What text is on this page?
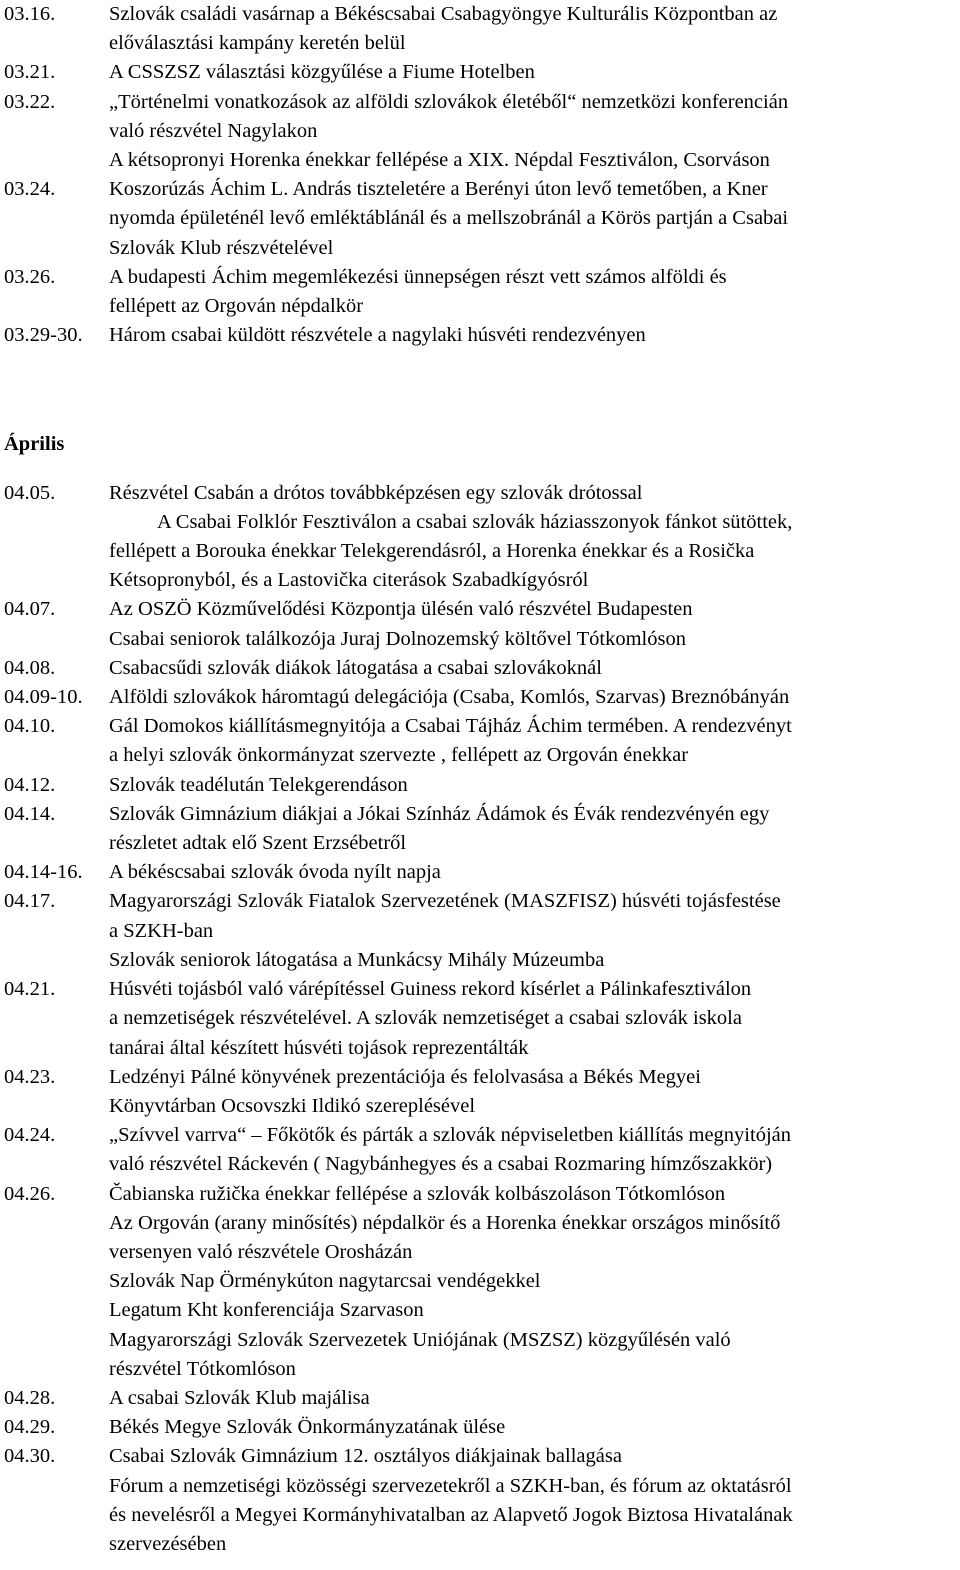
03.16.	Szlovák családi vasárnap a Békéscsabai Csabagyöngye Kulturális Központban az
előválasztási kampány keretén belül
03.21.	A CSSZSZ választási közgyűlése a Fiume Hotelben
03.22.	„Történelmi vonatkozások az alföldi szlovákok életéből“ nemzetközi konferencián
való részvétel Nagylakon
A kétsopronyi Horenka énekkar fellépése a XIX. Népdal Fesztiválon, Csorváson
03.24.	Koszorúzás Áchim L. András tiszteletére a Berényi úton levő temetőben, a Kner
nyomda épületénél levő emléktáblánál és a mellszobránál a Körös partján a Csabai
Szlovák Klub részvételével
03.26.	A budapesti Áchim megemlékezési ünnepségen részt vett számos alföldi és
fellépett az Orgován népdalkör
03.29-30.	Három csabai küldött részvétele a nagylaki húsvéti rendezvényen
Április
04.05.	Részvétel Csabán a drótos továbbképzésen egy szlovák drótossal
A Csabai Folklór Fesztiválon a csabai szlovák háziasszonyok fánkot sütöttek,
fellépett a Borouka énekkar Telekgerendásról, a Horenka énekkar és a Rosička
Kétsopronyból, és a Lastovička citerások Szabadkígyósról
04.07.	Az OSZÖ Közművelődési Központja ülésén való részvétel Budapesten
Csabai seniorok találkozója Juraj Dolnozemský költővel Tótkomlóson
04.08.	Csabacsűdi szlovák diákok látogatása a csabai szlovákoknál
04.09-10.	Alföldi szlovákok háromtagú delegációja (Csaba, Komlós, Szarvas) Breznóbányán
04.10.	Gál Domokos kiállításmegnyitója a Csabai Tájház Áchim termében. A rendezvényt
a helyi szlovák önkormányzat szervezte , fellépett az Orgován énekkar
04.12.	Szlovák teadélután Telekgerendáson
04.14.	Szlovák Gimnázium diákjai a Jókai Színház Ádámok és Évák rendezvényén egy
részletet adtak elő Szent Erzsébetről
04.14-16.	A békéscsabai szlovák óvoda nyílt napja
04.17.	Magyarországi Szlovák Fiatalok Szervezetének (MASZFISZ) húsvéti tojásfestése
a SZKH-ban
Szlovák seniorok látogatása a Munkácsy Mihály Múzeumba
04.21.	Húsvéti tojásból való várépítéssel Guiness rekord kísérlet a Pálinkafesztiválon
a nemzetiségek részvételével. A szlovák nemzetiséget a csabai szlovák iskola
tanárai által készített húsvéti tojások reprezentálták
04.23.	Ledzényi Pálné könyvének prezentációja és felolvasása a Békés Megyei
Könyvtárban Ocsovszki Ildikó szereplésével
04.24.	„Szívvel varrva“ – Főkötők és párták a szlovák népviseletben kiállítás megnyitóján
való részvétel Ráckevén ( Nagybánhegyes és a csabai Rozmaring hímzőszakkör)
04.26.	Čabianska ružička énekkar fellépése a szlovák kolbászoláson Tótkomlóson
Az Orgován (arany minősítés) népdalkör és a Horenka énekkar országos minősítő
versenyen való részvétele Orosházán
Szlovák Nap Örménykúton nagytarcsai vendégekkel
Legatum Kht konferenciája Szarvason
Magyarországi Szlovák Szervezetek Uniójának (MSZSZ) közgyűlésén való
részvétel Tótkomlóson
04.28.	A csabai Szlovák Klub majálisa
04.29.	Békés Megye Szlovák Önkormányzatának ülése
04.30.	Csabai Szlovák Gimnázium 12. osztályos diákjainak ballagása
Fórum a nemzetiségi közösségi szervezetekről a SZKH-ban, és fórum az oktatásról
és nevelésről a Megyei Kormányhivatalban az Alapvető Jogok Biztosa Hivatalának
szervezésében
